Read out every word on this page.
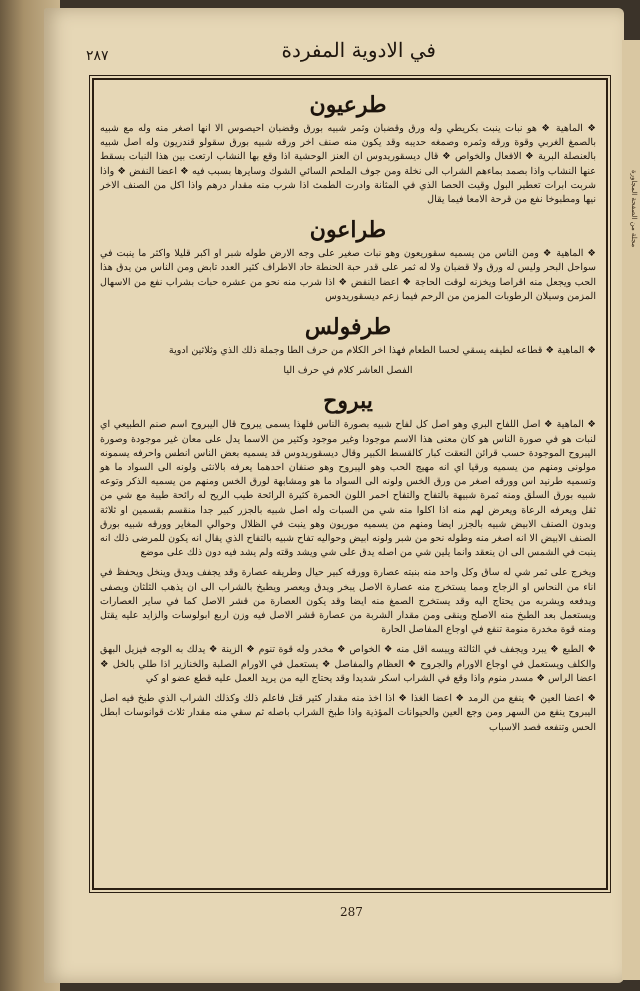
مجلة من الصفحة المجاورة
في الادوية المفردة
٢٨٧
طرعيون

❖ الماهية ❖ هو نبات ينبت بكريطي وله ورق وقضبان وثمر شبيه بورق وقضبان احيصوس الا انها اصغر منه وله مع شبيه بالصمغ الغربي وقوة ورقه وثمره وصمغه حديبه وقد يكون منه صنف اخر ورقه شبيه بورق سقولو قندريون وله اصل شبيه بالعنصلة البرية ❖ الافعال والخواص ❖ قال ديسقوريدوس ان العنز الوحشية اذا وقع بها النشاب ارتعت بين هذا النبات بسقط عنها النشاب واذا بصمد بماءهم الشراب الى نخلة ومن جوف الملحم السائي الشوك وسايرها بسبب فيه ❖ اعضا النفض ❖ واذا شربت ابرات تعطير البول وقيت الحصا الذي في المثانة وادرت الطمث اذا شرب منه مقدار درهم واذا اكل من الصنف الاخر نيها ومطبوخا نفع من قرحة الامعا فيما يقال

طراعون

❖ الماهية ❖ ومن الناس من يسميه سقوريعون وهو نبات صغير على وجه الارض طوله شبر او اكبر قليلا واكثر ما ينبت في سواحل البحر وليس له ورق ولا قضبان ولا له ثمر على قدر حبة الحنطة حاد الاطراف كثير العدد تابض ومن الناس من يدق هذا الحب ويجعل منه اقراصا ويخزنه لوقت الحاجة ❖ اعضا النفض ❖ اذا شرب منه نحو من عشره حبات بشراب نفع من الاسهال المزمن وسيلان الرطوبات المزمن من الرحم فيما زعم ديسقوريدوس

طرفولس

❖ الماهية ❖ قطاعه لطيفه يسقي لحسا الطعام فهذا اخر الكلام من حرف الطا وجملة ذلك الذي وثلاثين ادوية

الفصل العاشر كلام في حرف اليا

يبروح

❖ الماهية ❖ اصل اللفاح البري وهو اصل كل لفاح شبيه بصورة الناس فلهذا يسمى يبروح قال اليبروح اسم صنم الطبيعي اي لنبات هو في صورة الناس هو كان معنى هذا الاسم موجودا وغير موجود وكثير من الاسما يدل على معان غير موجودة وصورة اليبروح الموجودة حسب قرائن النعقت كبار كالقسط الكبير وقال ديسقوريدوس قد يسميه بعض الناس انطس واحرفه يسمونه مولونى ومنهم من يسميه ورقيا اي انه مهيج الحب وهو اليبروح وهو صنفان احدهما يعرفه بالانثى ولونه الى السواد ما هو وتسميه طرنيد اس وورقه اصغر من ورق الخس ولونه الى السواد ما هو ومشابهة لورق الخس ومنهم من يسميه الذكر وتوعه شبيه بورق السلق ومنه ثمرة شبيهة بالتفاح والتفاح احمر اللون الحمرة كثيرة الرائحة طيب الريح له رائحة طيبة مع شي من ثقل ويعرفه الرعاة ويعرض لهم منه اذا اكلوا منه شي من السبات وله اصل شبيه بالجزر كبير جدا منقسم بقسمين او ثلاثة وبدون الصنف الابيض شبيه بالجزر ايضا ومنهم من يسميه موريون وهو ينبت في الظلال وحوالي المغاير وورقه شبيه بورق الصنف الابيض الا انه اصغر منه وطوله نحو من شبر ولونه ابيض وحواليه تفاح شبيه بالتفاح الذي يقال انه يكون للمرضى ذلك انه ينبت في الشمس الى ان ينعقد وانما يلين شي من اصله يدق على شي ويشد وقته ولم يشد فيه دون ذلك على موضع

ويخرج على ثمر شي له ساق وكل واحد منه بنبته عصارة وورقه كبير حيال وطريقه عصارة وقد يجفف ويدق وينخل ويحفظ في اناء من النحاس او الزجاج ومما يستخرج منه عصارة الاصل يبخر ويدق ويعصر ويطبخ بالشراب الى ان يذهب الثلثان ويصفى ويدفعه ويشربه من يحتاج اليه وقد يستخرج الصمغ منه ايضا وقد يكون العصارة من قشر الاصل كما في ساير العصارات ويستعمل بعد الطبخ منه الاصلح وينقى ومن مقدار الشربة من عصارة قشر الاصل فيه وزن اربع ابولوسات والزايد عليه يقتل ومنه قوة مخدرة منومة تنفع في اوجاع المفاصل الحارة

❖ الطبع ❖ يبرد ويجفف في الثالثة ويبسه اقل منه ❖ الخواص ❖ مخدر وله قوة تنوم ❖ الزينة ❖ يدلك به الوجه فيزيل البهق والكلف ويستعمل في اوجاع الاورام والجروح ❖ العظام والمفاصل ❖ يستعمل في الاورام الصلبة والخنازير اذا طلي بالخل ❖ اعضا الراس ❖ مسدر منوم واذا وقع في الشراب اسكر شديدا وقد يحتاج اليه من يريد العمل عليه قطع عضو او كي

❖ اعضا العين ❖ ينفع من الرمد ❖ اعضا الغذا ❖ اذا اخذ منه مقدار كثير قتل فاعلم ذلك وكذلك الشراب الذي طبخ فيه اصل اليبروح ينفع من السهر ومن وجع العين والحيوانات المؤذية واذا طبخ الشراب باصله ثم سقي منه مقدار ثلاث قوانوسات ابطل الحس وتنفعه فصد الاسباب

287
